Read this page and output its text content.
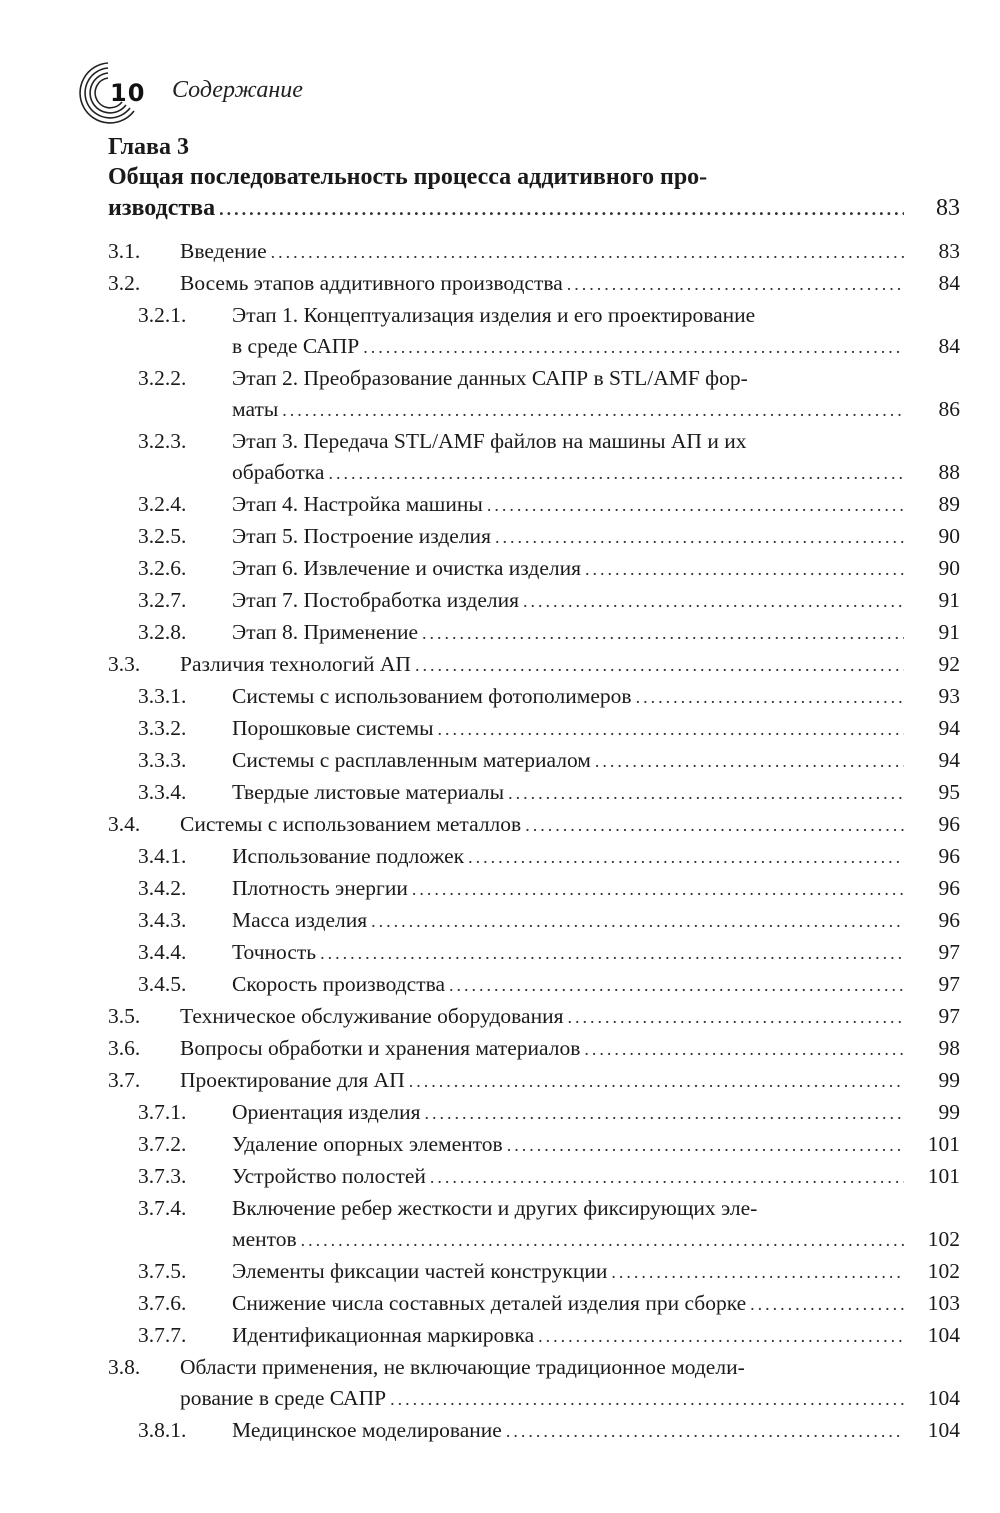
10 Содержание
Глава 3
Общая последовательность процесса аддитивного про-
изводства .....	83
3.1. Введение .....	83
3.2. Восемь этапов аддитивного производства .....	84
3.2.1. Этап 1. Концептуализация изделия и его проектирование
в среде САПР .....	84
3.2.2. Этап 2. Преобразование данных САПР в STL/AMF фор-
маты .....	86
3.2.3. Этап 3. Передача STL/AMF файлов на машины АП и их
обработка .....	88
3.2.4. Этап 4. Настройка машины .....	89
3.2.5. Этап 5. Построение изделия .....	90
3.2.6. Этап 6. Извлечение и очистка изделия .....	90
3.2.7. Этап 7. Постобработка изделия .....	91
3.2.8. Этап 8. Применение .....	91
3.3. Различия технологий АП .....	92
3.3.1. Системы с использованием фотополимеров .....	93
3.3.2. Порошковые системы .....	94
3.3.3. Системы с расплавленным материалом .....	94
3.3.4. Твердые листовые материалы .....	95
3.4. Системы с использованием металлов .....	96
3.4.1. Использование подложек .....	96
3.4.2. Плотность энергии .....	96
3.4.3. Масса изделия .....	96
3.4.4. Точность .....	97
3.4.5. Скорость производства .....	97
3.5. Техническое обслуживание оборудования .....	97
3.6. Вопросы обработки и хранения материалов .....	98
3.7. Проектирование для АП .....	99
3.7.1. Ориентация изделия .....	99
3.7.2. Удаление опорных элементов .....	101
3.7.3. Устройство полостей .....	101
3.7.4. Включение ребер жесткости и других фиксирующих эле-
ментов .....	102
3.7.5. Элементы фиксации частей конструкции .....	102
3.7.6. Снижение числа составных деталей изделия при сборке .....	103
3.7.7. Идентификационная маркировка .....	104
3.8. Области применения, не включающие традиционное модели-
рование в среде САПР .....	104
3.8.1. Медицинское моделирование .....	104
